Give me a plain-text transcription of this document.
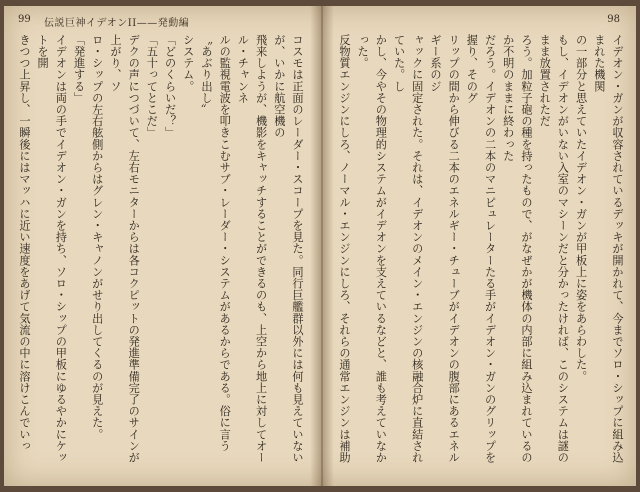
99 伝説巨神イデオンII——発動編

コスモは正面のレーダー・スコープを見た。同行巨艦群以外には何も見えていないが、いかに航空機の

飛来しようが、機影をキャッチすることができるのも、上空から地上に対してオール・チャンネ

ルの監視電波を叩きこむサブ・レーダー・システムがあるからである。俗に言う〝あぶり出し〟

システム。

「どのくらいだ？」

「五十ってとこだ」

デクの声につづいて、左右モニターからは各コクピットの発進準備完了のサインが上がり、ソ

ロ・シップの左右舷側からはグレン・キャノンがせり出してくるのが見えた。

「発進する」

イデオンは両の手でイデオン・ガンを持ち、ソロ・シップの甲板にゆるやかにケットを開

きつつ上昇し、一瞬後にはマッハに近い速度をあげて気流の中に溶けこんでいっ

98

イデオン・ガンが収容されているデッキが開かれて、今までソロ・シップに組み込まれた機関

の一部分と思えていたイデオン・ガンが甲板上に姿をあらわした。

もし、イデオンがいない入室のマシーンだと分かったければ、このシステムは謎のまま放置されただ

ろう。加粒子砲の種を持ったもので、がなぜかが機体の内部に組み込まれているのか不明のままに終わった

だろう。イデオンの二本のマニピュレーターたる手がイデオン・ガンのグリップを握り、そのグ

リップの間から伸びる二本のエネルギー・チューブがイデオンの腹部にあるエネルギー系のジ

ャックに固定された。それは、イデオンのメイン・エンジンの核融合炉に直結されていた。し

かし、今やその物理的システムがイデオンを支えているなどと、誰も考えていなかった。

反物質エンジンにしろ、ノーマル・エンジンにしろ、それらの通常エンジンは補助
